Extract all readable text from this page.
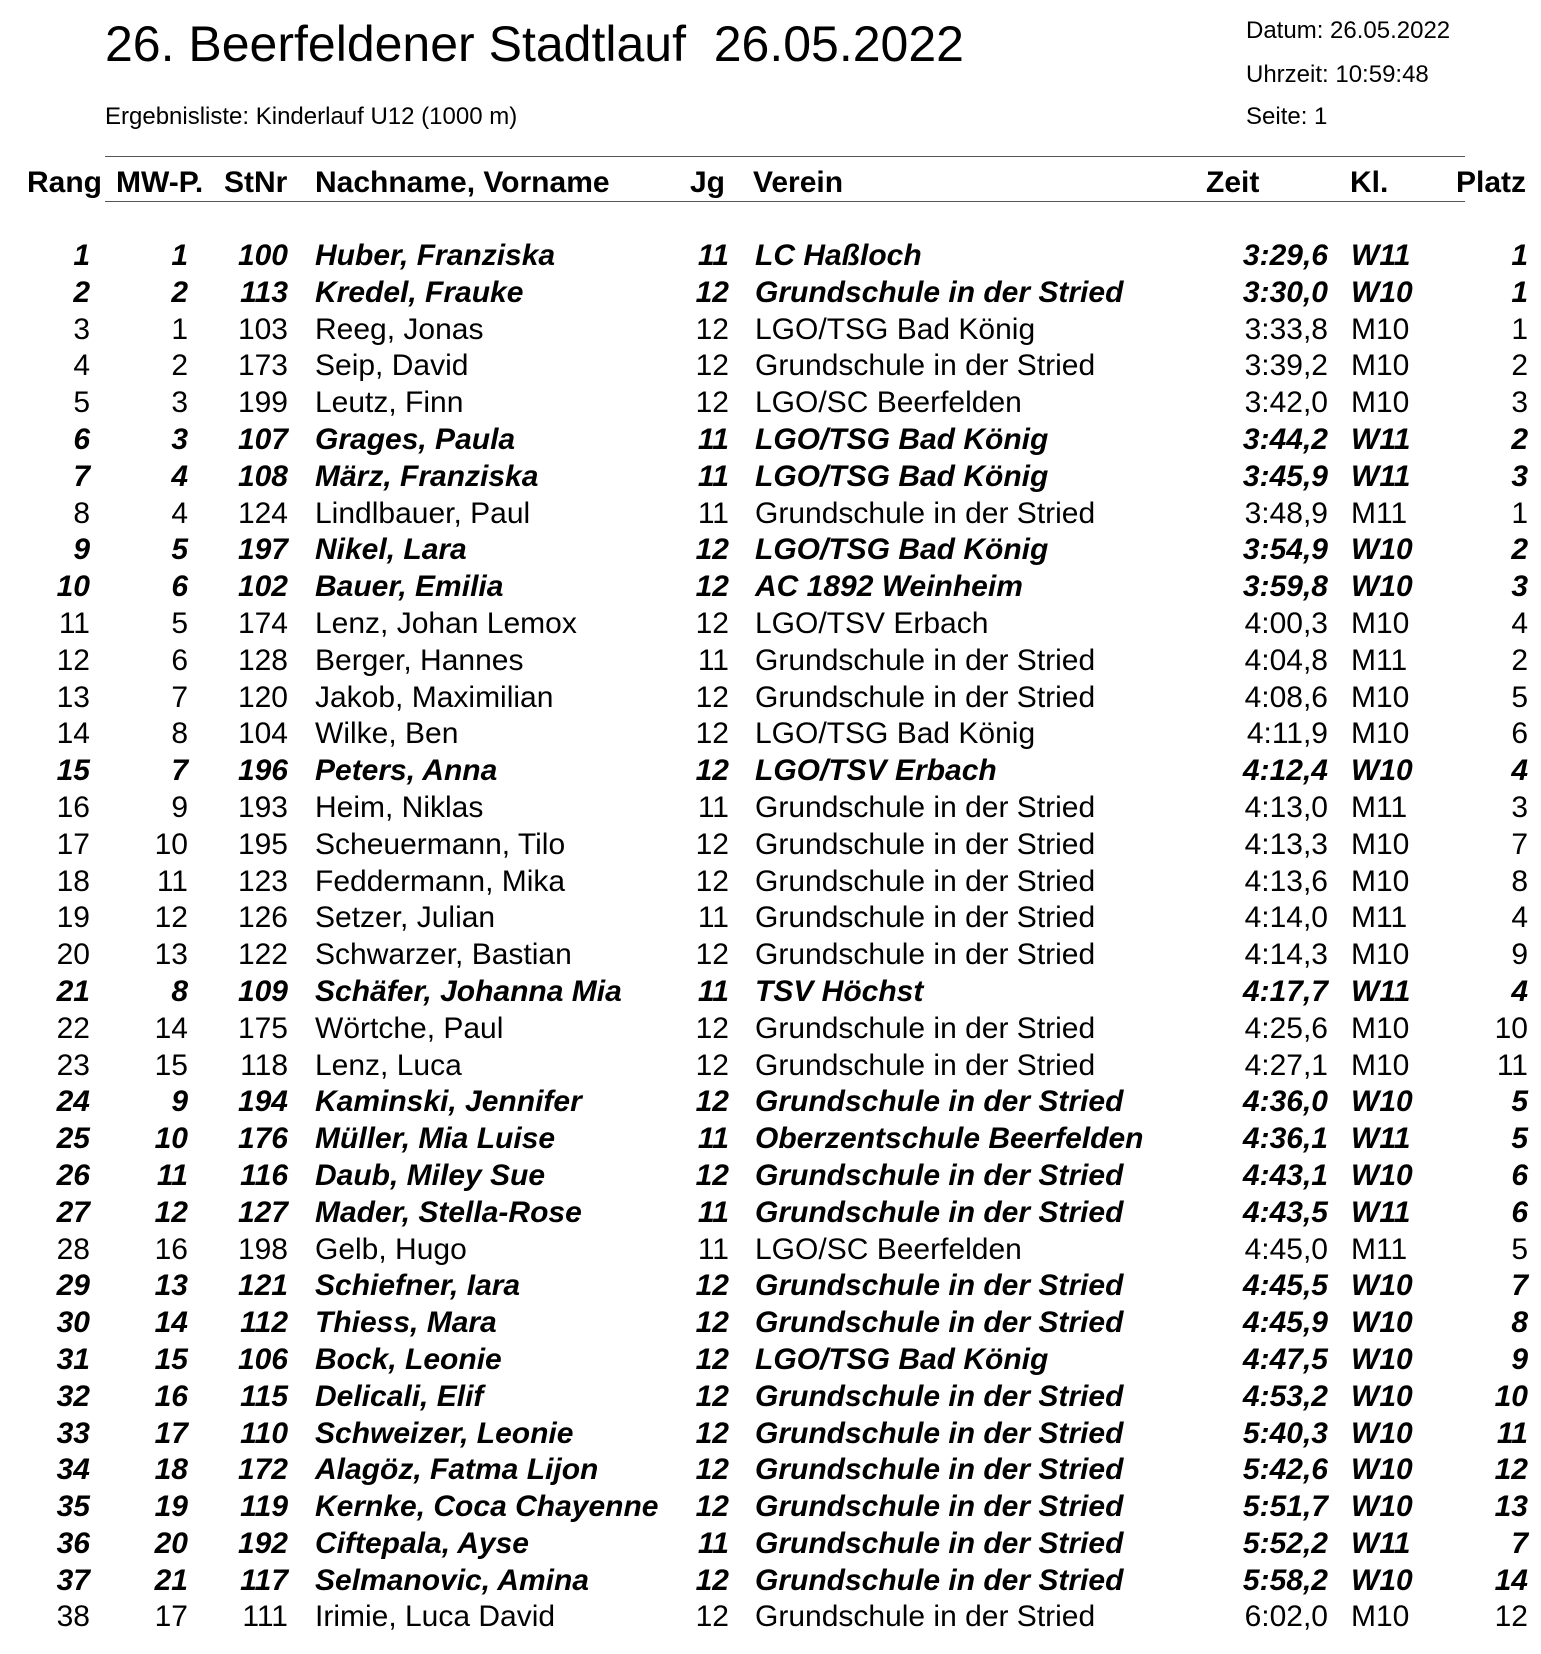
26. Beerfeldener Stadtlauf  26.05.2022
Ergebnisliste: Kinderlauf U12 (1000 m)
Datum: 26.05.2022
Uhrzeit: 10:59:48
Seite: 1
Rang MW-P. StNr Nachname, Vorname	Jg Verein	Zeit	Kl. Platz
1	1 100 Huber, Franziska	11 LC Haßloch	3:29,6 W11	1
2	2 113 Kredel, Frauke	12 Grundschule in der Stried	3:30,0 W10	1
3	1 103 Reeg, Jonas	12 LGO/TSG Bad König	3:33,8 M10	1
4	2 173 Seip, David	12 Grundschule in der Stried	3:39,2 M10	2
5	3 199 Leutz, Finn	12 LGO/SC Beerfelden	3:42,0 M10	3
6	3 107 Grages, Paula	11 LGO/TSG Bad König	3:44,2 W11	2
7	4 108 März, Franziska	11 LGO/TSG Bad König	3:45,9 W11	3
8	4 124 Lindlbauer, Paul	11 Grundschule in der Stried	3:48,9 M11	1
9	5 197 Nikel, Lara	12 LGO/TSG Bad König	3:54,9 W10	2
10	6 102 Bauer, Emilia	12 AC 1892 Weinheim	3:59,8 W10	3
11	5 174 Lenz, Johan Lemox	12 LGO/TSV Erbach	4:00,3 M10	4
12	6 128 Berger, Hannes	11 Grundschule in der Stried	4:04,8 M11	2
13	7 120 Jakob, Maximilian	12 Grundschule in der Stried	4:08,6 M10	5
14	8 104 Wilke, Ben	12 LGO/TSG Bad König	4:11,9 M10	6
15	7 196 Peters, Anna	12 LGO/TSV Erbach	4:12,4 W10	4
16	9 193 Heim, Niklas	11 Grundschule in der Stried	4:13,0 M11	3
17 10 195 Scheuermann, Tilo	12 Grundschule in der Stried	4:13,3 M10	7
18 11 123 Feddermann, Mika	12 Grundschule in der Stried	4:13,6 M10	8
19 12 126 Setzer, Julian	11 Grundschule in der Stried	4:14,0 M11	4
20 13 122 Schwarzer, Bastian	12 Grundschule in der Stried	4:14,3 M10	9
21	8 109 Schäfer, Johanna Mia	11 TSV Höchst	4:17,7 W11	4
22 14 175 Wörtche, Paul	12 Grundschule in der Stried	4:25,6 M10	10
23 15 118 Lenz, Luca	12 Grundschule in der Stried	4:27,1 M10	11
24	9 194 Kaminski, Jennifer	12 Grundschule in der Stried	4:36,0 W10	5
25 10 176 Müller, Mia Luise	11 Oberzentschule Beerfelden	4:36,1 W11	5
26 11 116 Daub, Miley Sue	12 Grundschule in der Stried	4:43,1 W10	6
27 12 127 Mader, Stella-Rose	11 Grundschule in der Stried	4:43,5 W11	6
28 16 198 Gelb, Hugo	11 LGO/SC Beerfelden	4:45,0 M11	5
29 13 121 Schiefner, Iara	12 Grundschule in der Stried	4:45,5 W10	7
30 14 112 Thiess, Mara	12 Grundschule in der Stried	4:45,9 W10	8
31 15 106 Bock, Leonie	12 LGO/TSG Bad König	4:47,5 W10	9
32 16 115 Delicali, Elif	12 Grundschule in der Stried	4:53,2 W10	10
33 17 110 Schweizer, Leonie	12 Grundschule in der Stried	5:40,3 W10	11
34 18 172 Alagöz, Fatma Lijon	12 Grundschule in der Stried	5:42,6 W10	12
35 19 119 Kernke, Coca Chayenne 12 Grundschule in der Stried	5:51,7 W10	13
36 20 192 Ciftepala, Ayse	11 Grundschule in der Stried	5:52,2 W11	7
37 21 117 Selmanovic, Amina	12 Grundschule in der Stried	5:58,2 W10	14
38 17 111 Irimie, Luca David	12 Grundschule in der Stried	6:02,0 M10	12
